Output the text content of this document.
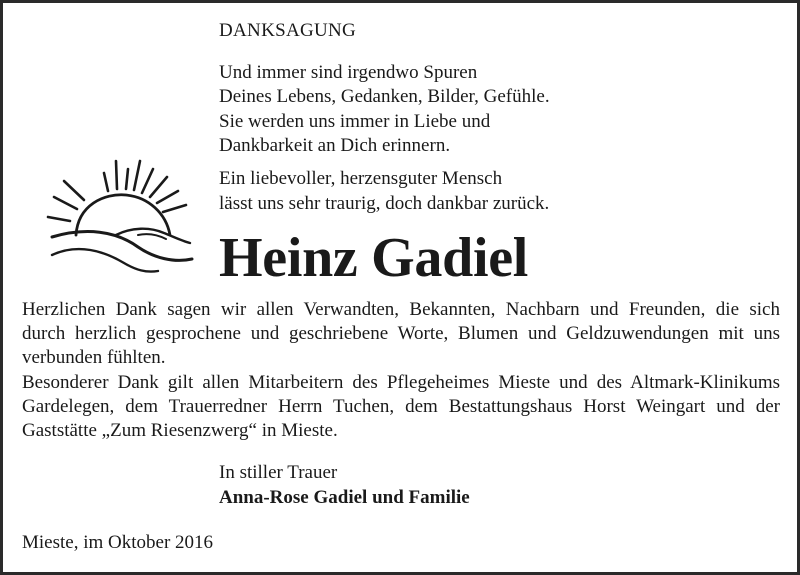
DANKSAGUNG
Und immer sind irgendwo Spuren
Deines Lebens, Gedanken, Bilder, Gefühle.
Sie werden uns immer in Liebe und
Dankbarkeit an Dich erinnern.
Ein liebevoller, herzensguter Mensch
lässt uns sehr traurig, doch dankbar zurück.
Heinz Gadiel
Herzlichen Dank sagen wir allen Verwandten, Bekannten, Nachbarn und Freunden, die sich
durch herzlich gesprochene und geschriebene Worte, Blumen und Geldzuwendungen mit uns
verbunden fühlten.
Besonderer Dank gilt allen Mitarbeitern des Pflegeheimes Mieste und des Altmark-Klinikums
Gardelegen, dem Trauerredner Herrn Tuchen, dem Bestattungshaus Horst Weingart und der
Gaststätte „Zum Riesenzwerg“ in Mieste.
In stiller Trauer
Anna-Rose Gadiel und Familie
Mieste, im Oktober 2016
